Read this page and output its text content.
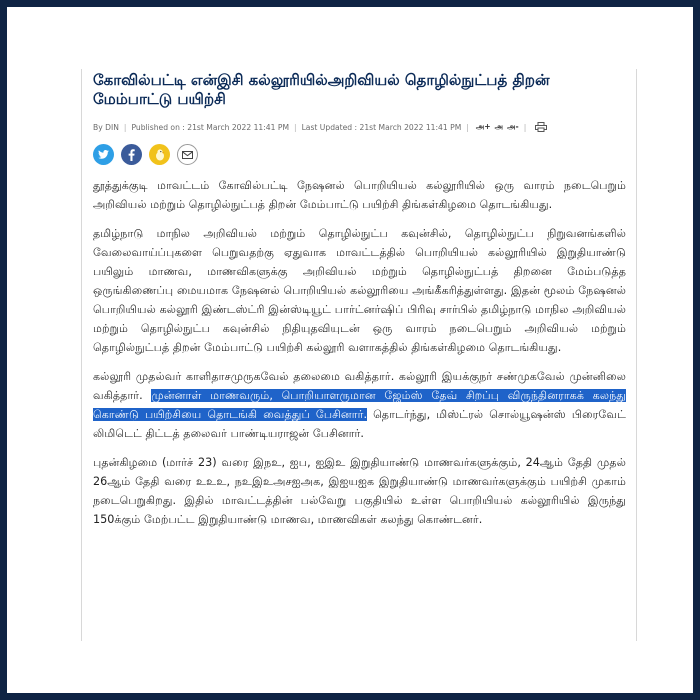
கோவில்பட்டி என்இசி கல்லூரியில்அறிவியல் தொழில்நுட்பத் திறன் மேம்பாட்டு பயிற்சி
By DIN | Published on : 21st March 2022 11:41 PM | Last Updated : 21st March 2022 11:41 PM | அ+ அ அ- |

தூத்துக்குடி மாவட்டம் கோவில்பட்டி நேஷனல் பொறியியல் கல்லூரியில் ஒரு வாரம் நடைபெறும் அறிவியல் மற்றும் தொழில்நுட்பத் திறன் மேம்பாட்டு பயிற்சி திங்கள்கிழமை தொடங்கியது.

தமிழ்நாடு மாநில அறிவியல் மற்றும் தொழில்நுட்ப கவுன்சில், தொழில்நுட்ப நிறுவனங்களில் வேலைவாய்ப்புகளை பெறுவதற்கு ஏதுவாக மாவட்டத்தில் பொறியியல் கல்லூரியில் இறுதியாண்டு பயிலும் மாணவ, மாணவிகளுக்கு அறிவியல் மற்றும் தொழில்நுட்பத் திறனை மேம்படுத்த ஒருங்கிணைப்பு மையமாக நேஷனல் பொறியியல் கல்லூரியை அங்கீகரித்துள்ளது. இதன் மூலம் நேஷனல் பொறியியல் கல்லூரி இண்டஸ்ட்ரி இன்ஸ்டியூட் பார்ட்னர்ஷிப் பிரிவு சார்பில் தமிழ்நாடு மாநில அறிவியல் மற்றும் தொழில்நுட்ப கவுன்சில் நிதியுதவியுடன் ஒரு வாரம் நடைபெறும் அறிவியல் மற்றும் தொழில்நுட்பத் திறன் மேம்பாட்டு பயிற்சி கல்லூரி வளாகத்தில் திங்கள்கிழமை தொடங்கியது.

கல்லூரி முதல்வர் காளிதாசமுருகவேல் தலைமை வகித்தார். கல்லூரி இயக்குநர் சண்முகவேல் முன்னிலை வகித்தார். முன்னாள் மாணவரும், பொறியாளருமான ஜேம்ஸ் தேவ் சிறப்பு விருந்தினராகக் கலந்து கொண்டு பயிற்சியை தொடங்கி வைத்துப் பேசினார். தொடர்ந்து, மிஸ்ட்ரல் சொல்யூஷன்ஸ் பிரைவேட் லிமிடெட் திட்டத் தலைவர் பாண்டியராஜன் பேசினார்.

புதன்கிழமை (மார்ச் 23) வரை இநஉ, ஐப, ஐஇஉ இறுதியாண்டு மாணவர்களுக்கும், 24ஆம் தேதி முதல் 26ஆம் தேதி வரை உஉஉ, நஉஇஉஅசஐஅக, இஐயஐக இறுதியாண்டு மாணவர்களுக்கும் பயிற்சி முகாம் நடைபெறுகிறது. இதில் மாவட்டத்தின் பல்வேறு பகுதியில் உள்ள பொறியியல் கல்லூரியில் இருந்து 150க்கும் மேற்பட்ட இறுதியாண்டு மாணவ, மாணவிகள் கலந்து கொண்டனர்.
